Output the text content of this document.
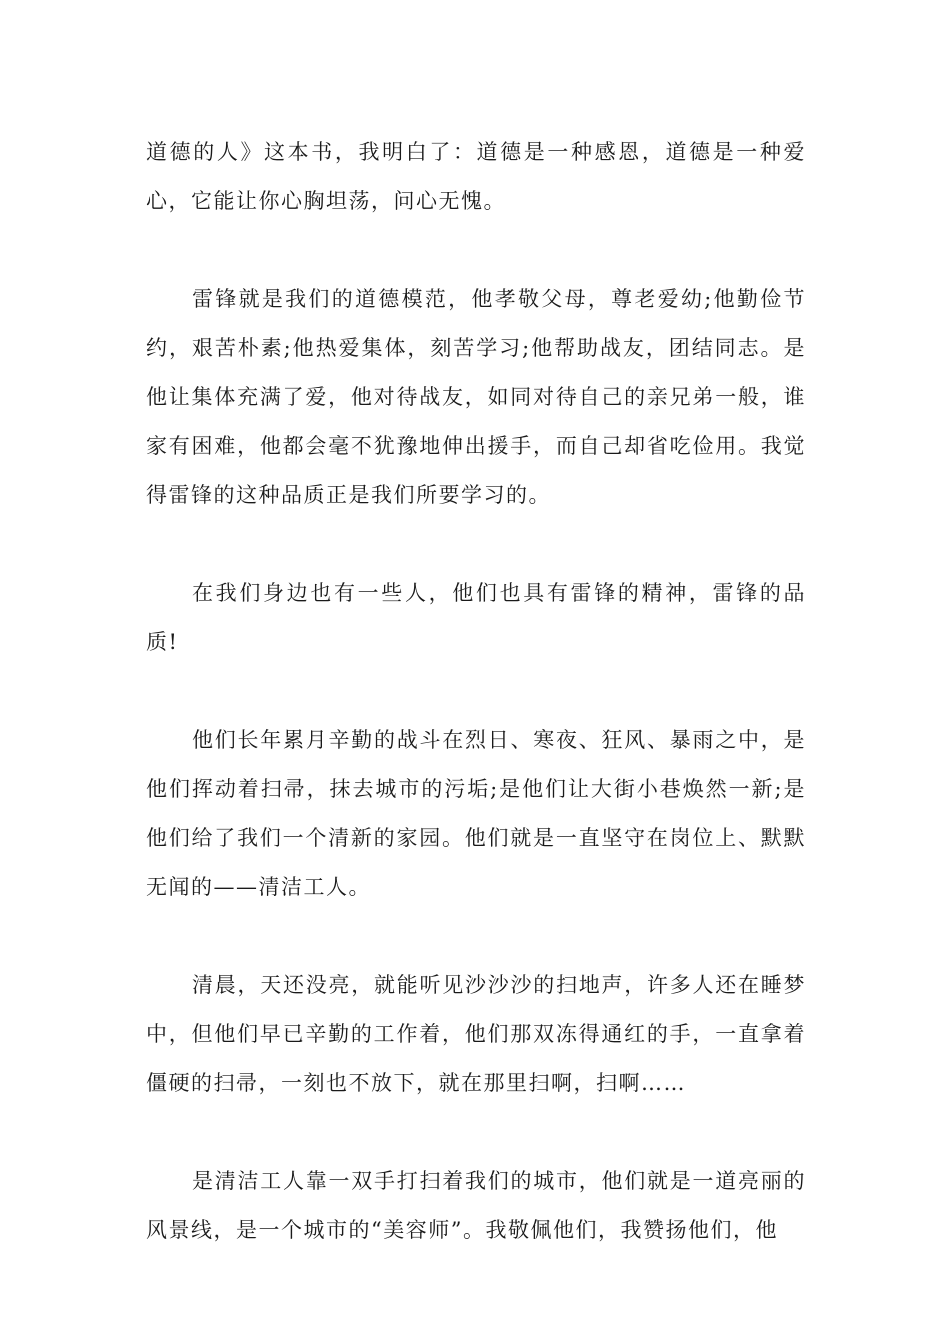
道德的人》这本书，我明白了：道德是一种感恩，道德是一种爱心，它能让你心胸坦荡，问心无愧。

雷锋就是我们的道德模范，他孝敬父母，尊老爱幼;他勤俭节约，艰苦朴素;他热爱集体，刻苦学习;他帮助战友，团结同志。是他让集体充满了爱，他对待战友，如同对待自己的亲兄弟一般，谁家有困难，他都会毫不犹豫地伸出援手，而自己却省吃俭用。我觉得雷锋的这种品质正是我们所要学习的。

在我们身边也有一些人，他们也具有雷锋的精神，雷锋的品质!

他们长年累月辛勤的战斗在烈日、寒夜、狂风、暴雨之中，是他们挥动着扫帚，抹去城市的污垢;是他们让大街小巷焕然一新;是他们给了我们一个清新的家园。他们就是一直坚守在岗位上、默默无闻的——清洁工人。

清晨，天还没亮，就能听见沙沙沙的扫地声，许多人还在睡梦中，但他们早已辛勤的工作着，他们那双冻得通红的手，一直拿着僵硬的扫帚，一刻也不放下，就在那里扫啊，扫啊……

是清洁工人靠一双手打扫着我们的城市，他们就是一道亮丽的风景线，是一个城市的“美容师”。我敬佩他们，我赞扬他们，他
